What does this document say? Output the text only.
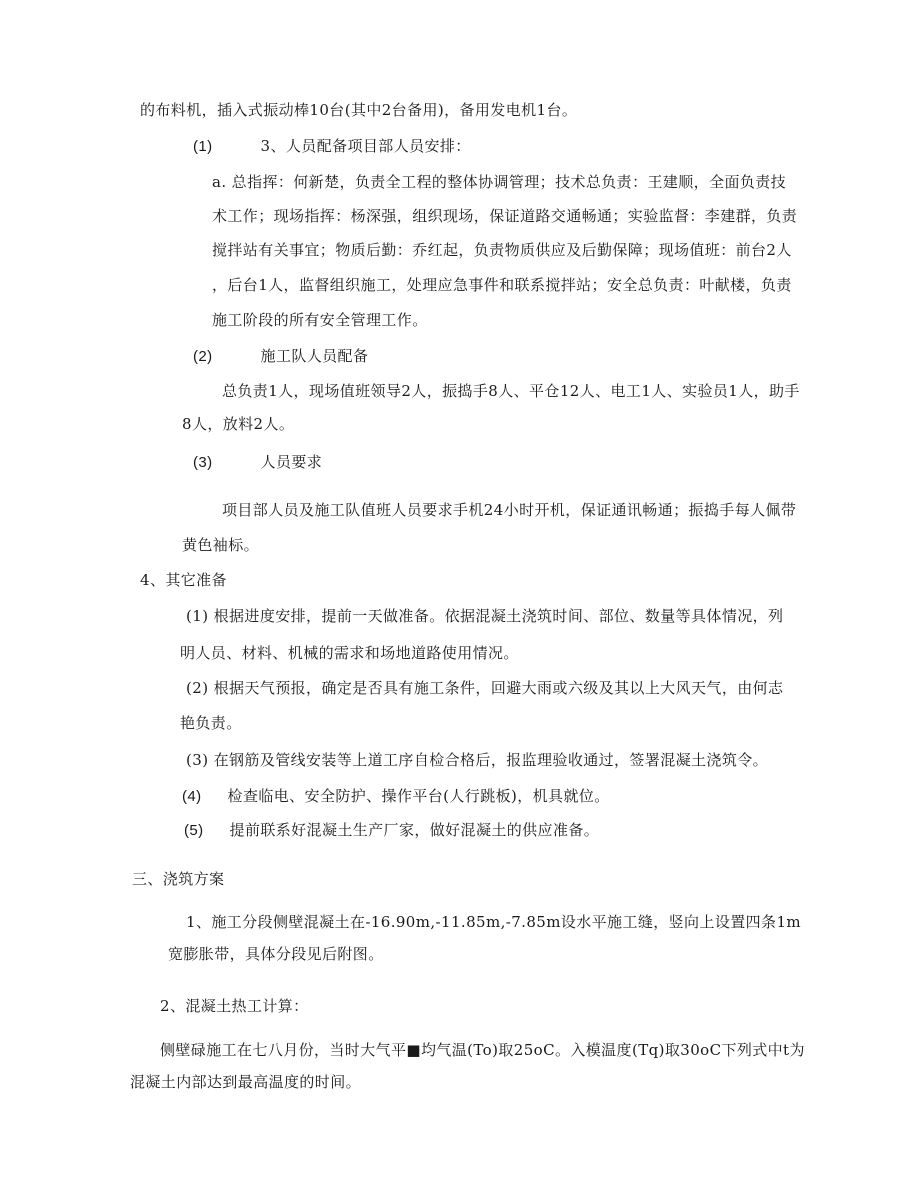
的布料机，插入式振动棒10台(其中2台备用)，备用发电机1台。
(1)	3、人员配备项目部人员安排：
a. 总指挥：何新楚，负责全工程的整体协调管理；技术总负责：王建顺，全面负责技
术工作；现场指挥：杨深强，组织现场，保证道路交通畅通；实验监督：李建群，负责
搅拌站有关事宜；物质后勤：乔红起，负责物质供应及后勤保障；现场值班：前台2人
，后台1人，监督组织施工，处理应急事件和联系搅拌站；安全总负责：叶献楼，负责
施工阶段的所有安全管理工作。
(2)	施工队人员配备
总负责1人，现场值班领导2人，振捣手8人、平仓12人、电工1人、实验员1人，助手
8人，放料2人。
(3)	人员要求
项目部人员及施工队值班人员要求手机24小时开机，保证通讯畅通；振捣手每人佩带
黄色袖标。
4、其它准备
(1) 根据进度安排，提前一天做准备。依据混凝土浇筑时间、部位、数量等具体情况，列
明人员、材料、机械的需求和场地道路使用情况。
(2) 根据天气预报，确定是否具有施工条件，回避大雨或六级及其以上大风天气，由何志
艳负责。
(3) 在钢筋及管线安装等上道工序自检合格后，报监理验收通过，签署混凝土浇筑令。
(4) 检查临电、安全防护、操作平台(人行跳板)，机具就位。
(5) 提前联系好混凝土生产厂家，做好混凝土的供应准备。
三、浇筑方案
1、施工分段侧壁混凝土在-16.90m,-11.85m,-7.85m设水平施工缝，竖向上设置四条1m
宽膨胀带，具体分段见后附图。
2、混凝土热工计算：
侧壁碌施工在七八月份，当时大气平■均气温(To)取25oC。入模温度(Tq)取30oC下列式中t为
混凝土内部达到最高温度的时间。
